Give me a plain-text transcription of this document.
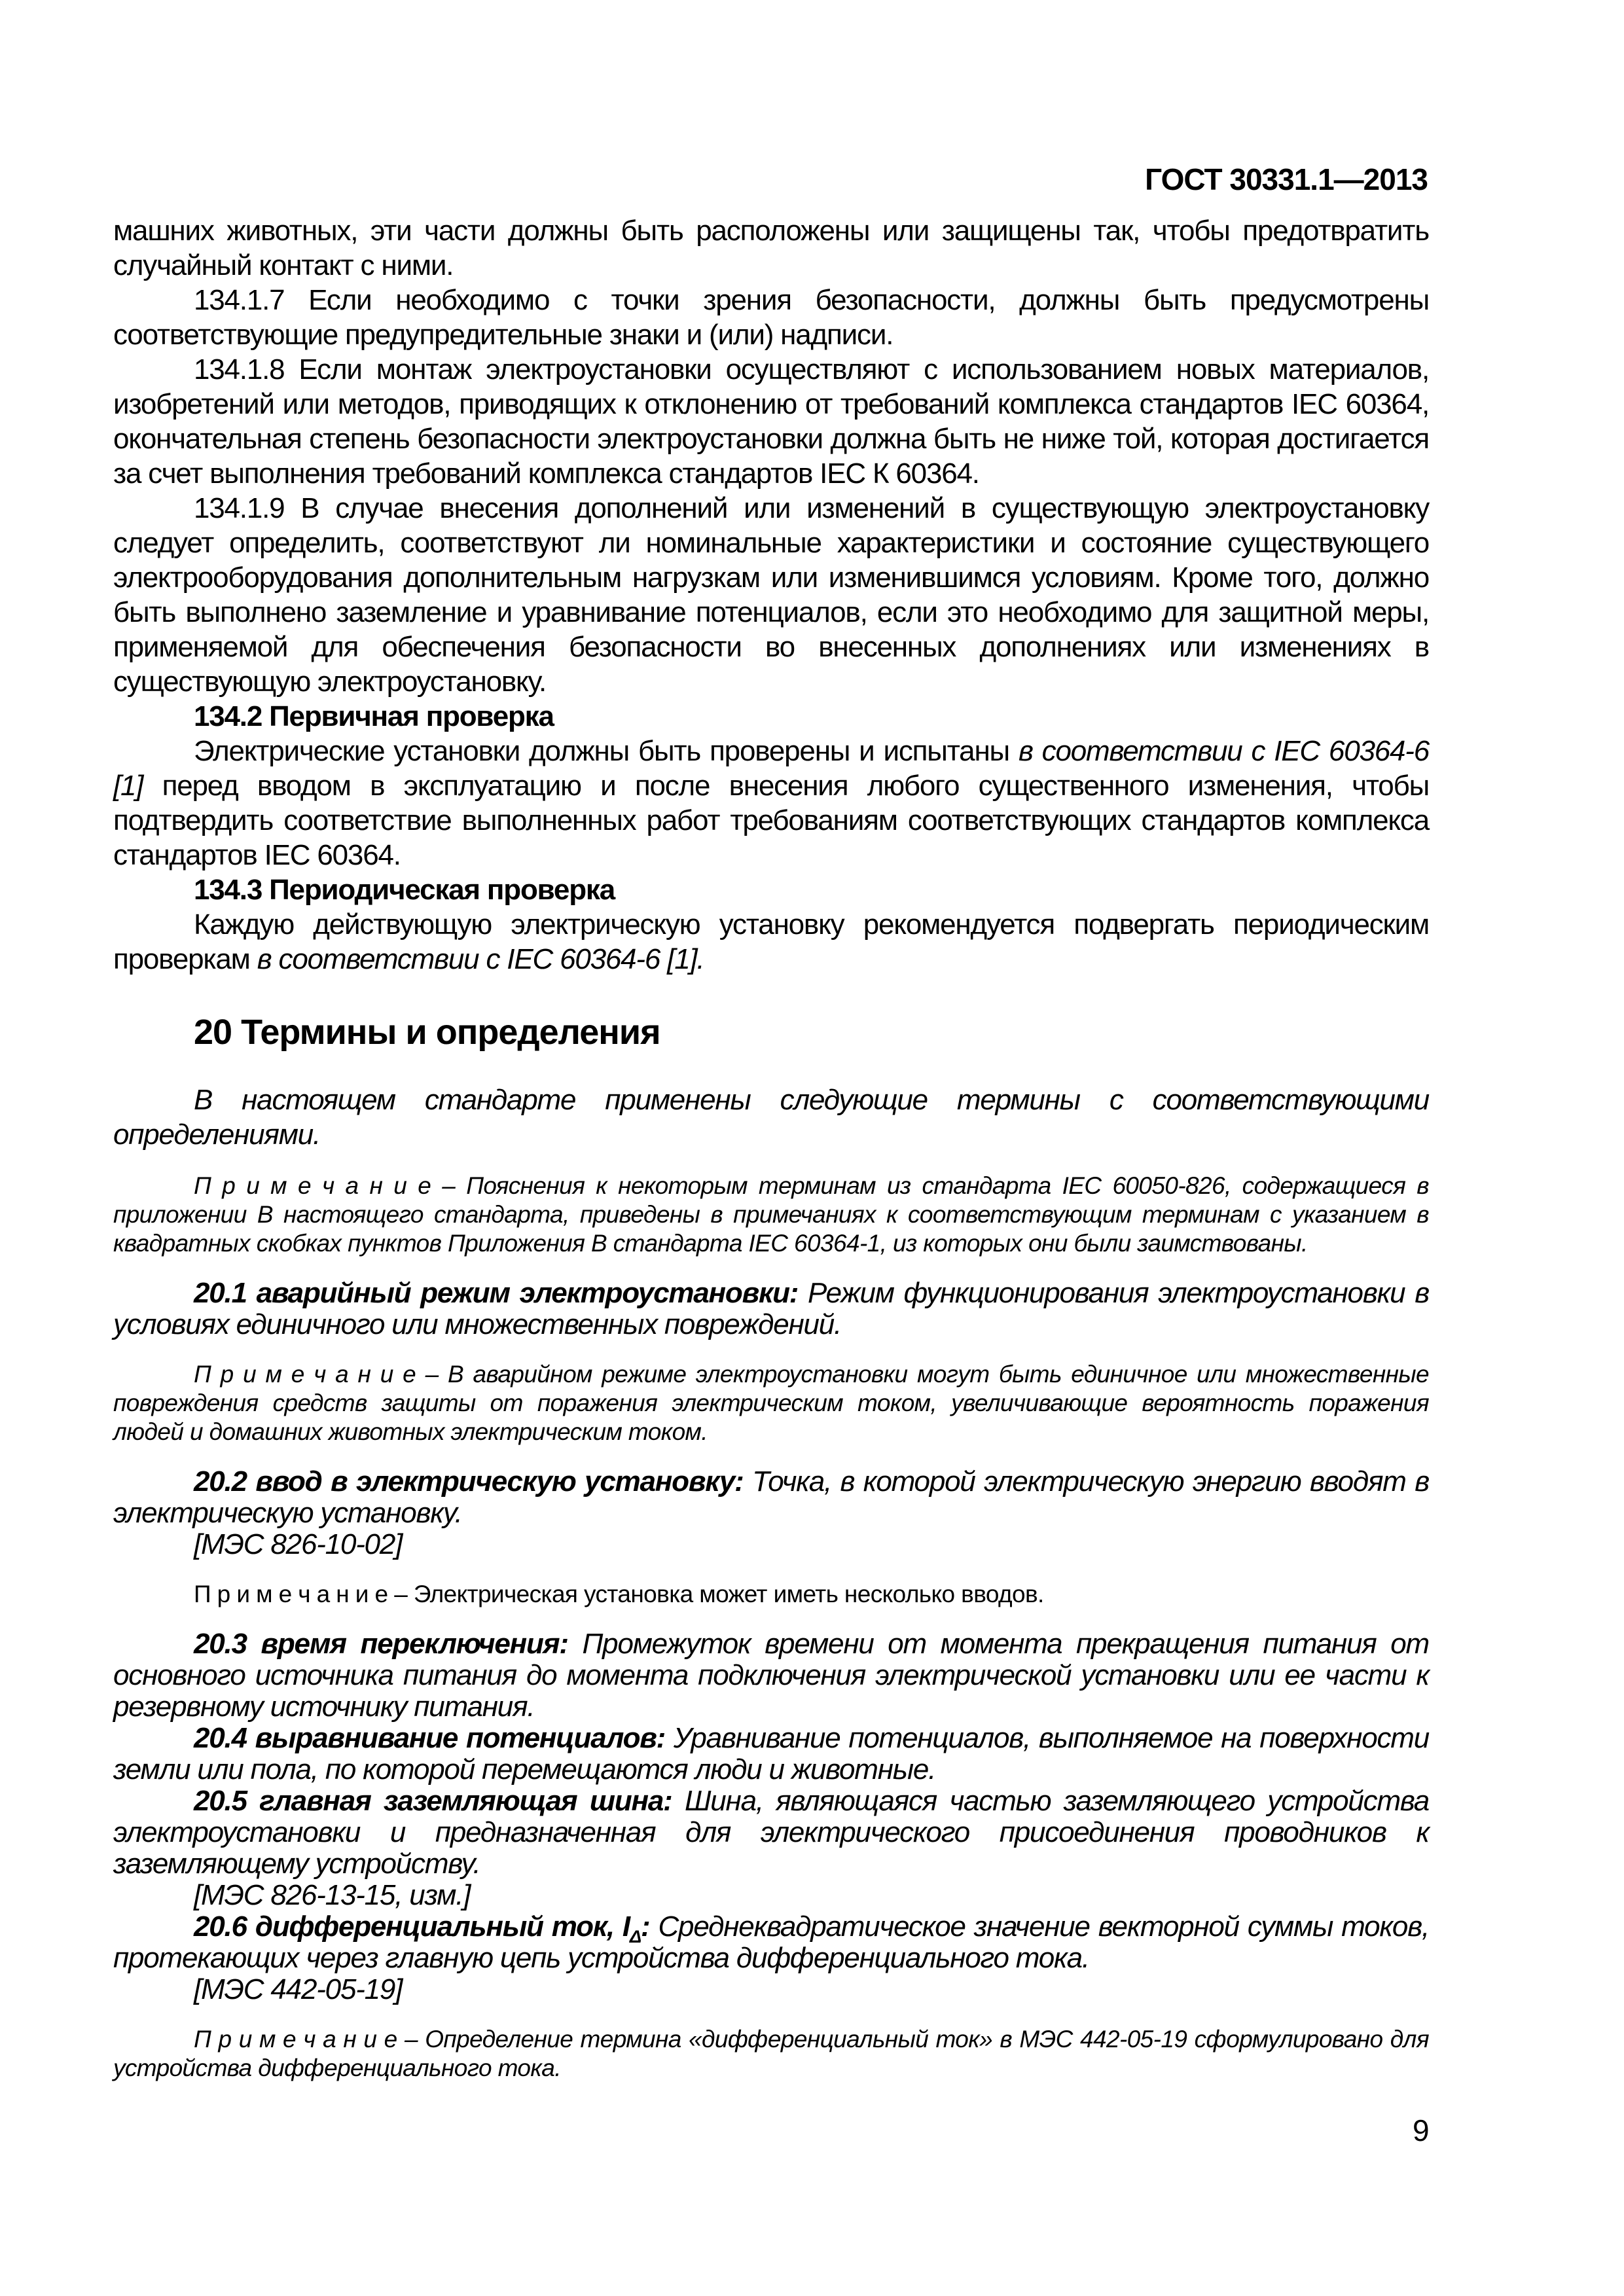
ГОСТ 30331.1—2013

машних животных, эти части должны быть расположены или защищены так, чтобы предотвратить случайный контакт с ними.

134.1.7 Если необходимо с точки зрения безопасности, должны быть предусмотрены соответствующие предупредительные знаки и (или) надписи.

134.1.8 Если монтаж электроустановки осуществляют с использованием новых материалов, изобретений или методов, приводящих к отклонению от требований комплекса стандартов IEC 60364, окончательная степень безопасности электроустановки должна быть не ниже той, которая достигается за счет выполнения требований комплекса стандартов IEC К 60364.

134.1.9 В случае внесения дополнений или изменений в существующую электроустановку следует определить, соответствуют ли номинальные характеристики и состояние существующего электрооборудования дополнительным нагрузкам или изменившимся условиям. Кроме того, должно быть выполнено заземление и уравнивание потенциалов, если это необходимо для защитной меры, применяемой для обеспечения безопасности во внесенных дополнениях или изменениях в существующую электроустановку.

134.2 Первичная проверка

Электрические установки должны быть проверены и испытаны в соответствии с IEC 60364-6 [1] перед вводом в эксплуатацию и после внесения любого существенного изменения, чтобы подтвердить соответствие выполненных работ требованиям соответствующих стандартов комплекса стандартов IEC 60364.

134.3 Периодическая проверка

Каждую действующую электрическую установку рекомендуется подвергать периодическим проверкам в соответствии с IEC 60364-6 [1].

20 Термины и определения

В настоящем стандарте применены следующие термины с соответствующими определениями.

П р и м е ч а н и е – Пояснения к некоторым терминам из стандарта IEC 60050-826, содержащиеся в приложении В настоящего стандарта, приведены в примечаниях к соответствующим терминам с указанием в квадратных скобках пунктов Приложения В стандарта IEC 60364-1, из которых они были заимствованы.

20.1 аварийный режим электроустановки: Режим функционирования электроустановки в условиях единичного или множественных повреждений.

П р и м е ч а н и е – В аварийном режиме электроустановки могут быть единичное или множественные повреждения средств защиты от поражения электрическим током, увеличивающие вероятность поражения людей и домашних животных электрическим током.

20.2 ввод в электрическую установку: Точка, в которой электрическую энергию вводят в электрическую установку.

[МЭС 826-10-02]

П р и м е ч а н и е – Электрическая установка может иметь несколько вводов.

20.3 время переключения: Промежуток времени от момента прекращения питания от основного источника питания до момента подключения электрической установки или ее части к резервному источнику питания.

20.4 выравнивание потенциалов: Уравнивание потенциалов, выполняемое на поверхности земли или пола, по которой перемещаются люди и животные.

20.5 главная заземляющая шина: Шина, являющаяся частью заземляющего устройства электроустановки и предназначенная для электрического присоединения проводников к заземляющему устройству.

[МЭС 826-13-15, изм.]

20.6 дифференциальный ток, $I_\Delta$: Среднеквадратическое значение векторной суммы токов, протекающих через главную цепь устройства дифференциального тока.

[МЭС 442-05-19]

П р и м е ч а н и е – Определение термина «дифференциальный ток» в МЭС 442-05-19 сформулировано для устройства дифференциального тока.
9
